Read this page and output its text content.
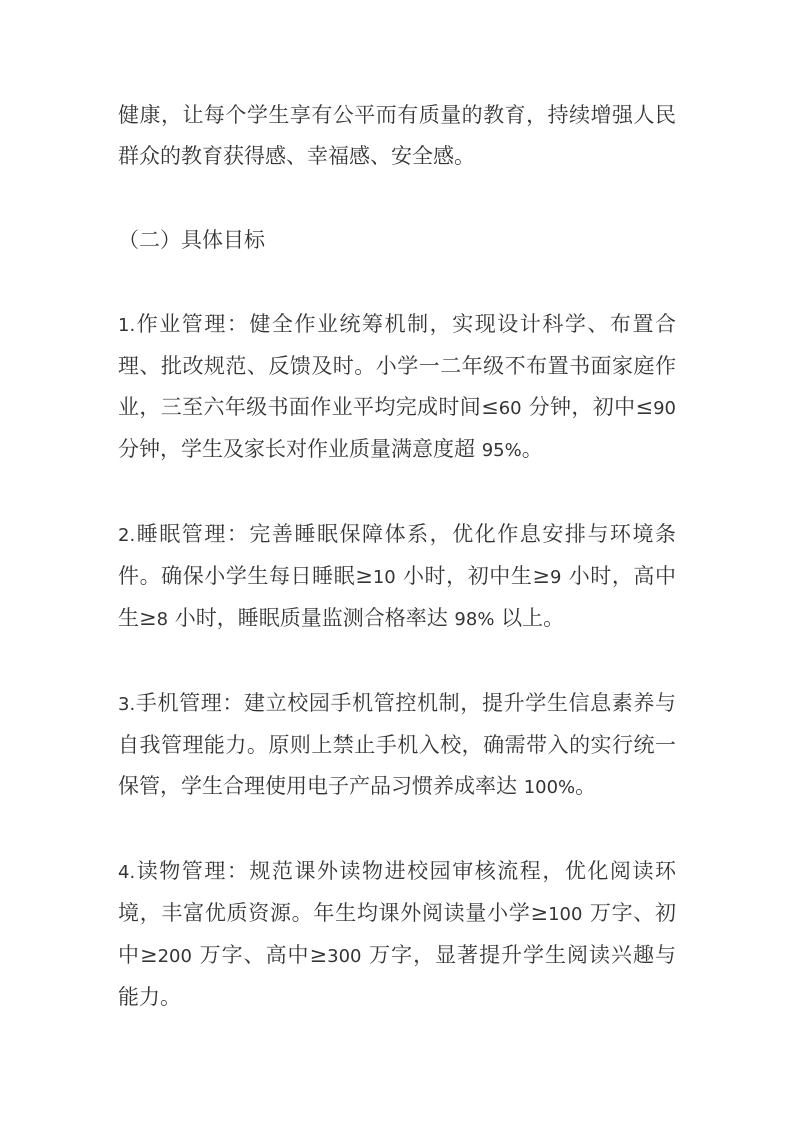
健康，让每个学生享有公平而有质量的教育，持续增强人民群众的教育获得感、幸福感、安全感。

（二）具体目标

1.作业管理：健全作业统筹机制，实现设计科学、布置合理、批改规范、反馈及时。小学一二年级不布置书面家庭作业，三至六年级书面作业平均完成时间≤60 分钟，初中≤90 分钟，学生及家长对作业质量满意度超 95%。

2.睡眠管理：完善睡眠保障体系，优化作息安排与环境条件。确保小学生每日睡眠≥10 小时，初中生≥9 小时，高中生≥8 小时，睡眠质量监测合格率达 98% 以上。

3.手机管理：建立校园手机管控机制，提升学生信息素养与自我管理能力。原则上禁止手机入校，确需带入的实行统一保管，学生合理使用电子产品习惯养成率达 100%。

4.读物管理：规范课外读物进校园审核流程，优化阅读环境，丰富优质资源。年生均课外阅读量小学≥100 万字、初中≥200 万字、高中≥300 万字，显著提升学生阅读兴趣与能力。
